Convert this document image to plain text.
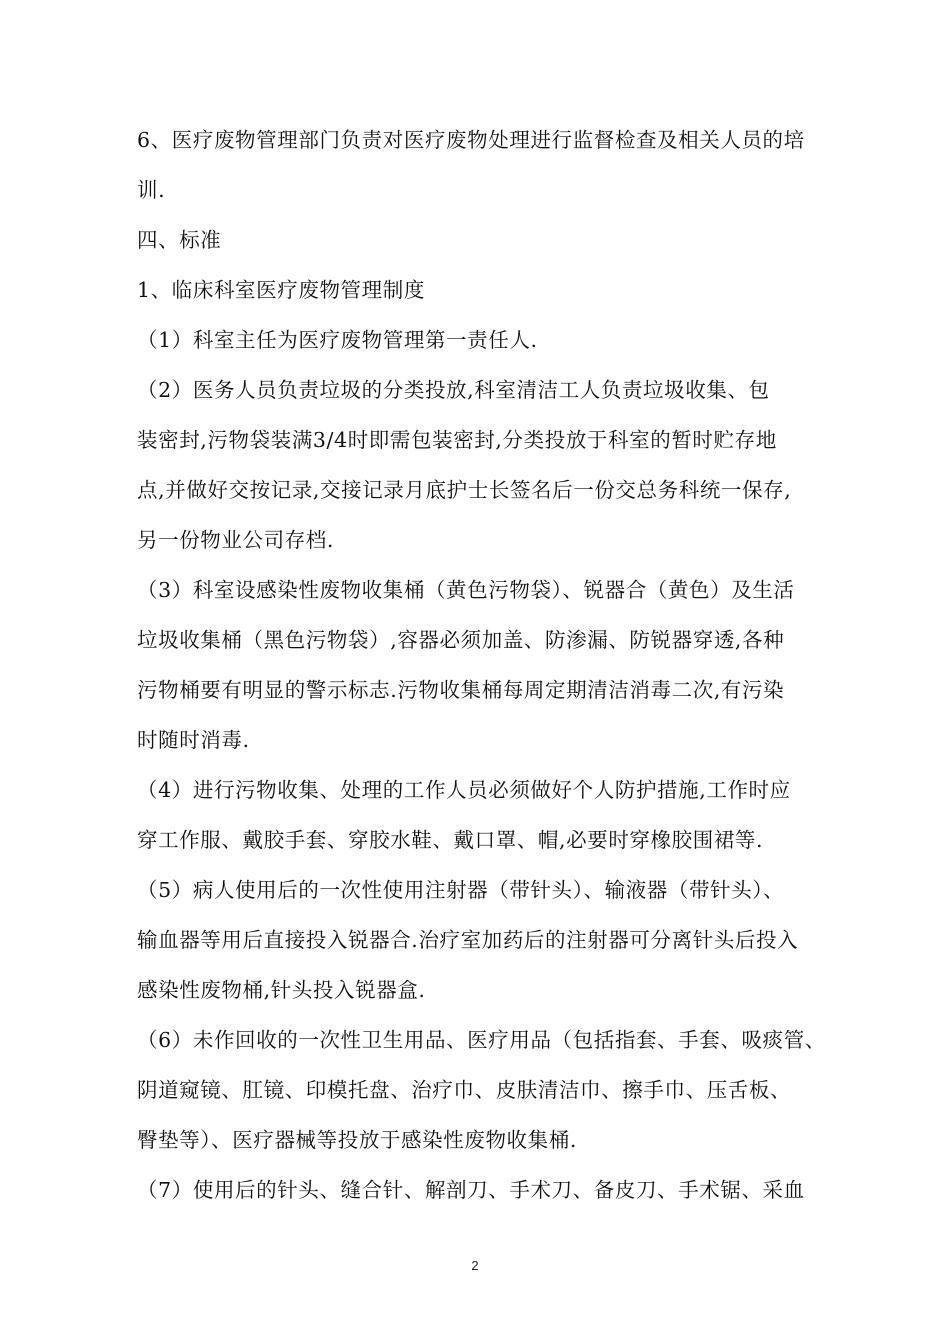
6、医疗废物管理部门负责对医疗废物处理进行监督检查及相关人员的培
训.
四、标准
1、临床科室医疗废物管理制度
（1）科室主任为医疗废物管理第一责任人.
（2）医务人员负责垃圾的分类投放,科室清洁工人负责垃圾收集、包
装密封,污物袋装满3/4时即需包装密封,分类投放于科室的暂时贮存地
点,并做好交按记录,交接记录月底护士长签名后一份交总务科统一保存,
另一份物业公司存档.
（3）科室设感染性废物收集桶（黄色污物袋）、锐器合（黄色）及生活
垃圾收集桶（黑色污物袋）,容器必须加盖、防渗漏、防锐器穿透,各种
污物桶要有明显的警示标志.污物收集桶每周定期清洁消毒二次,有污染
时随时消毒.
（4）进行污物收集、处理的工作人员必须做好个人防护措施,工作时应
穿工作服、戴胶手套、穿胶水鞋、戴口罩、帽,必要时穿橡胶围裙等.
（5）病人使用后的一次性使用注射器（带针头）、输液器（带针头）、
输血器等用后直接投入锐器合.治疗室加药后的注射器可分离针头后投入
感染性废物桶,针头投入锐器盒.
（6）未作回收的一次性卫生用品、医疗用品（包括指套、手套、吸痰管、
阴道窥镜、肛镜、印模托盘、治疗巾、皮肤清洁巾、擦手巾、压舌板、
臀垫等）、医疗器械等投放于感染性废物收集桶.
（7）使用后的针头、缝合针、解剖刀、手术刀、备皮刀、手术锯、采血
2
